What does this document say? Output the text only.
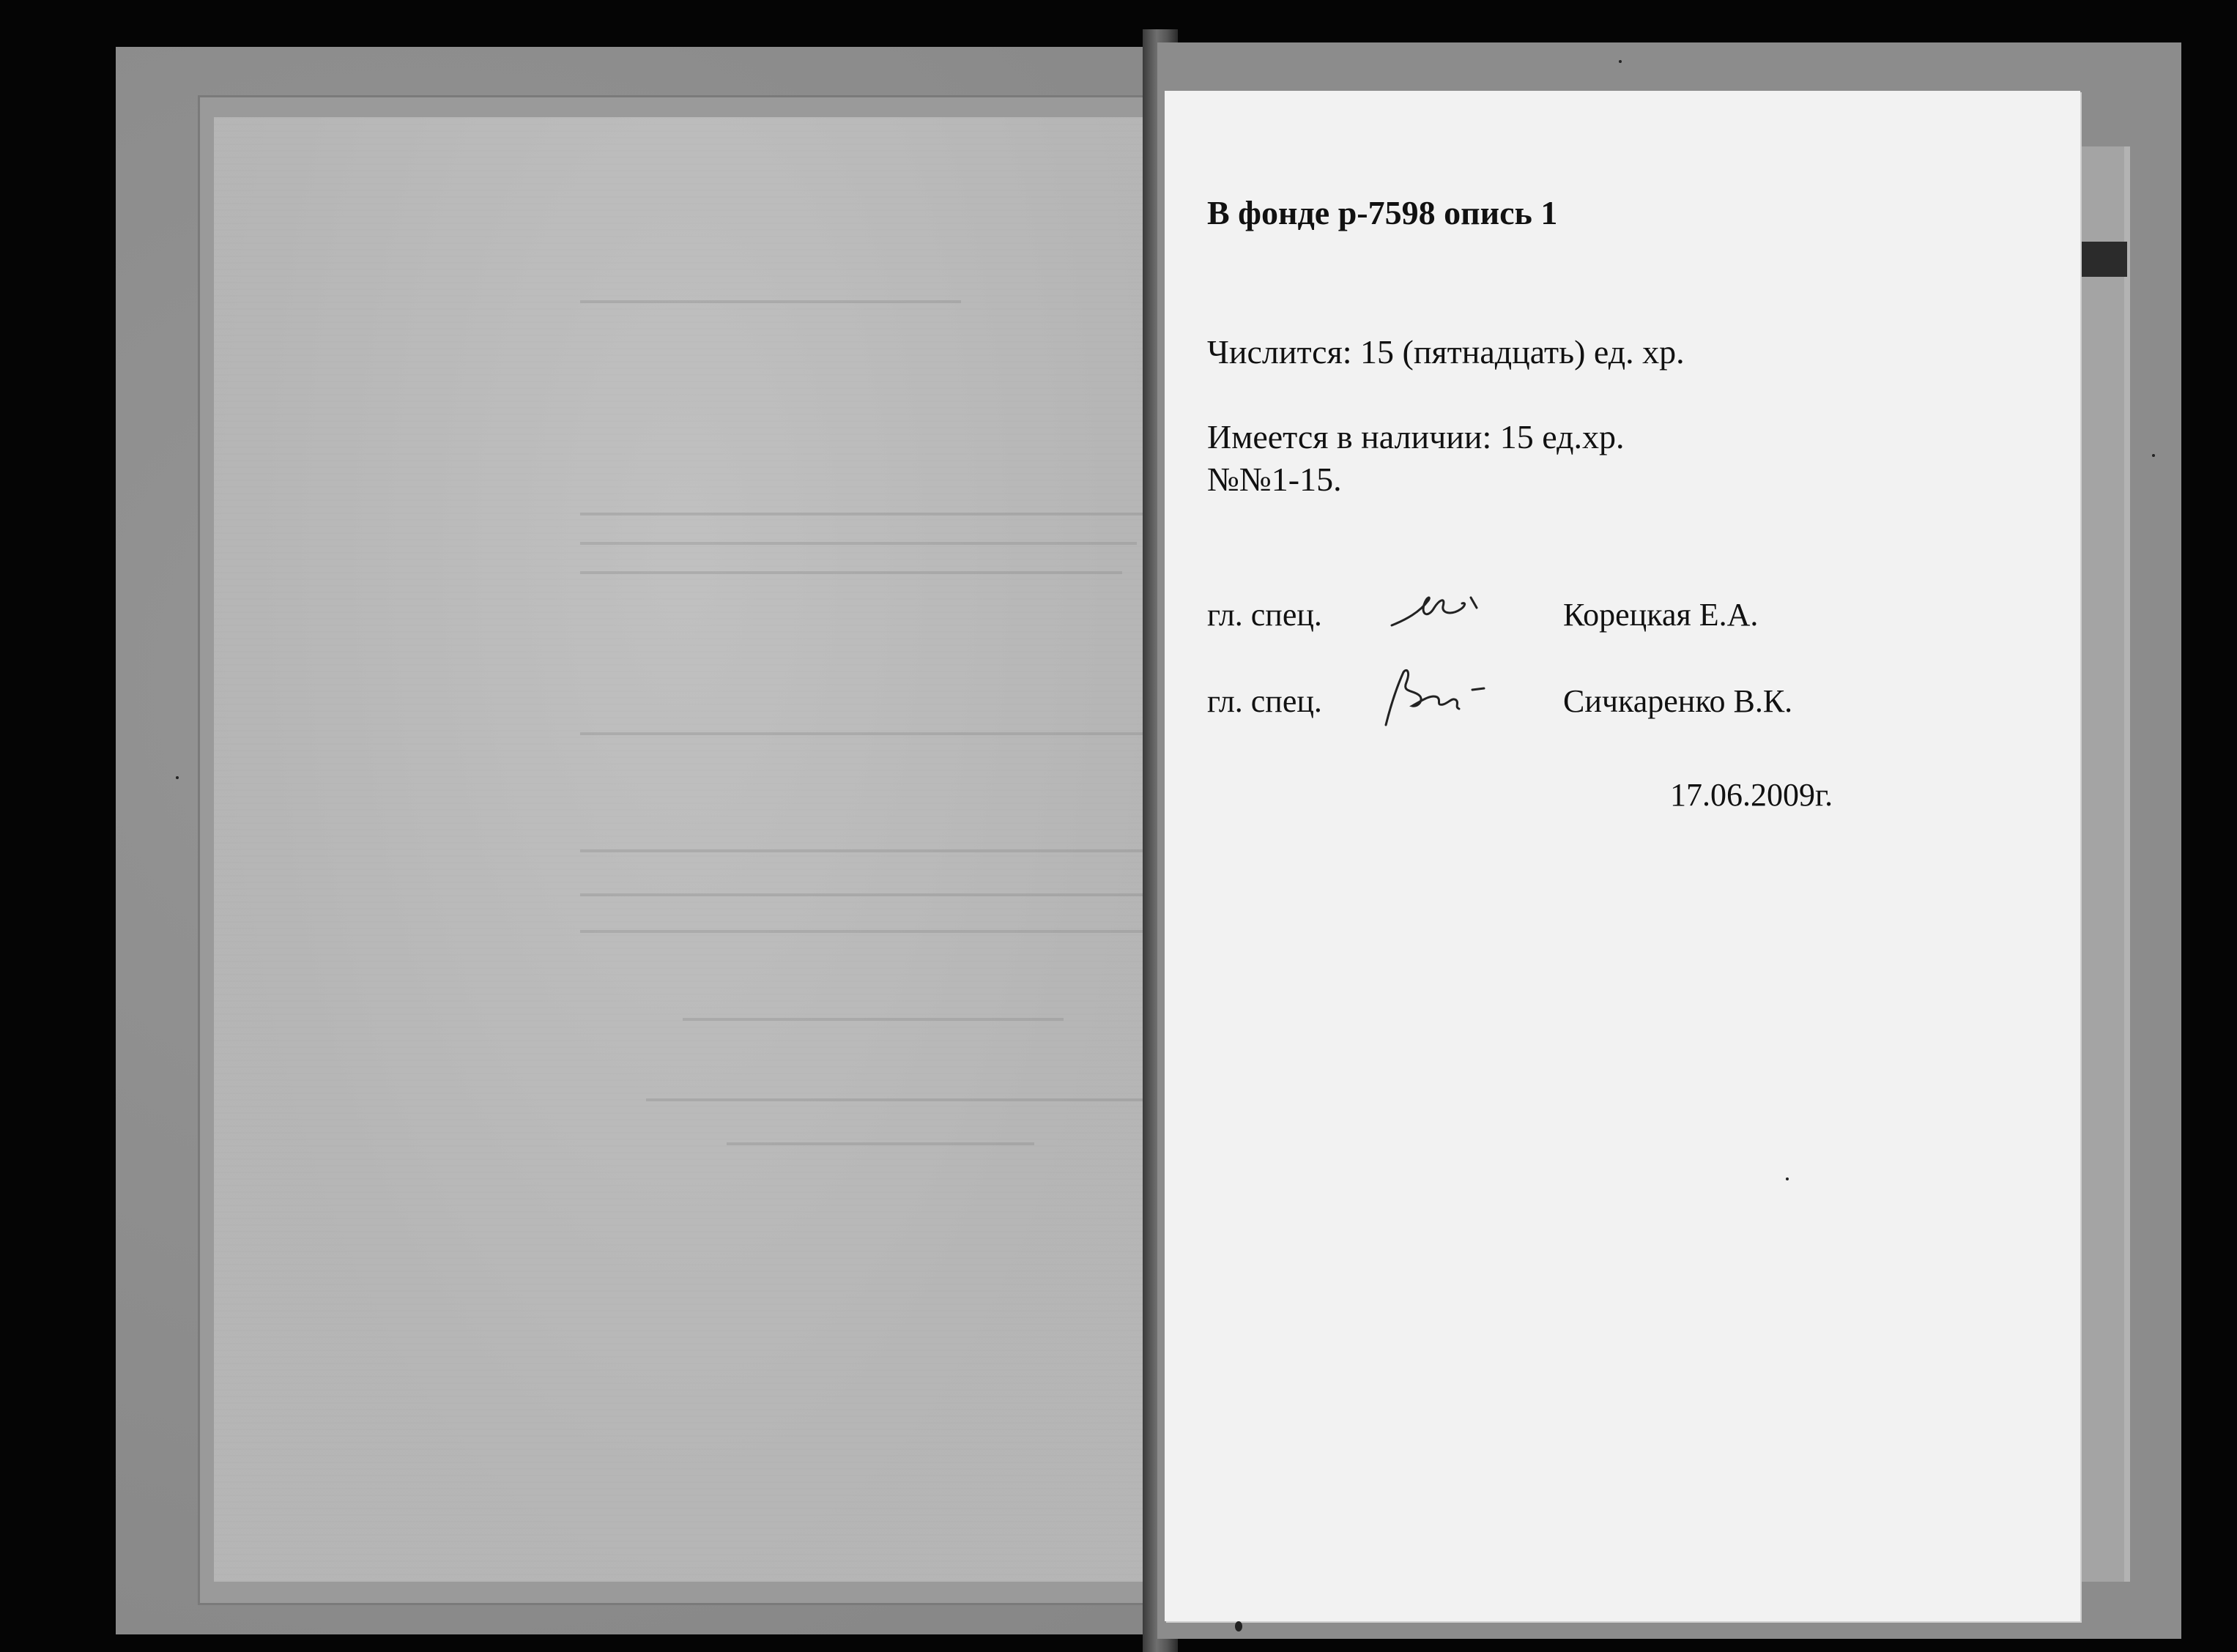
В фонде р-7598 опись 1
Числится: 15 (пятнадцать) ед. хр.
Имеется в наличии: 15 ед.хр.
№№1-15.
гл. спец.	Корецкая Е.А.
гл. спец.	Сичкаренко В.К.
17.06.2009г.
